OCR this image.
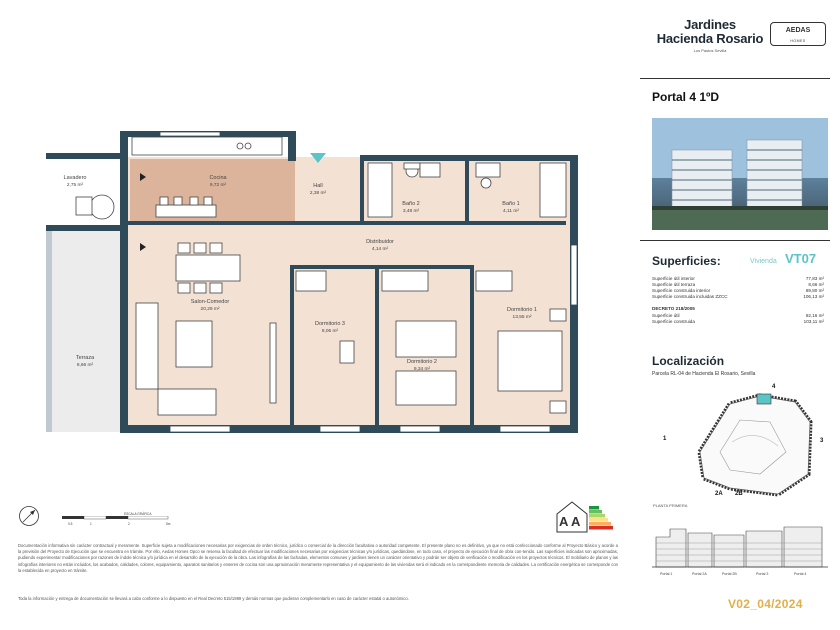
Jardines
Hacienda Rosario
Los Pastos Sevilla
AEDAS
HOMES
Portal 4 1ºD
Superficies:	Vivienda VT07
Superficie útil interior	77,83 m²
Superficie útil terraza	8,66 m²
Superficie construida interior	89,80 m²
Superficie construida incluidas ZZCC	106,13 m²
DECRETO 218/2005
Superficie útil	82,16 m²
Superficie construida	103,11 m²
Localización
Parcela RL-04 de Hacienda El Rosario, Sevilla
4
1	3
2A 2B
PLANTA PRIMERA
Portal 1	Portal 2A	Portal 2B	Portal 3	Portal 4
Lavadero
2,75 m²
Cocina
9,72 m²	Hall
2,38 m²
Baño 2
3,48 m²
Baño 1
4,11 m²
Distribuidor
4,14 m²
Salon-Comedor
20,29 m²
Dormitorio 3
8,06 m²
Dormitorio 2
9,34 m²
Dormitorio 1
13,55 m²
Terraza
8,66 m²
ESCALA GRÁFICA
0.5	1	2	5m	A A
Documentación informativa sin carácter contractual y meramente. Superficie sujeta a modificaciones necesarias por exigencias de orden técnico, jurídico o comercial de la dirección facultativa o autoridad competente. El presente plano no es definitivo, ya que no está confeccionado conforme al Proyecto Básico y acorde a la previsión del Proyecto de Ejecución que se encuentra en trámite. Por ello, Aedas Homes Opco se reserva la facultad de efectuar las modificaciones necesarias por exigencias técnicas y/o jurídicas, quedándose, en todo caso, el proyecto de ejecución final de obra con-tenido. Las superficies indicadas son aproximadas, pudiendo experimentar modificaciones por razones de índole técnica y/o jurídica en el desarrollo de la ejecución de la obra. Las infografías de las fachadas, elementos comunes y jardines tienen un carácter orientativo y podrán ser objeto de verificación o modificación en los proyectos técnicos. El mobiliario de planos y las infografías interiores no están incluidos, los acabados, calidades, colores, equipamiento, aparatos sanitarios y enseres de cocina son una aproximación meramente representativa y el equipamiento de las viviendas será el indicado en la correspondiente memoria de calidades. La certificación energética se corresponde con la establecida en proyecto en trámite.
Toda la información y entrega de documentación se llevará a cabo conforme a lo dispuesto en el Real Decreto 515/1989 y demás normas que pudieran complementarlo en caso de carácter estatal o autonómico.	V02_04/2024
